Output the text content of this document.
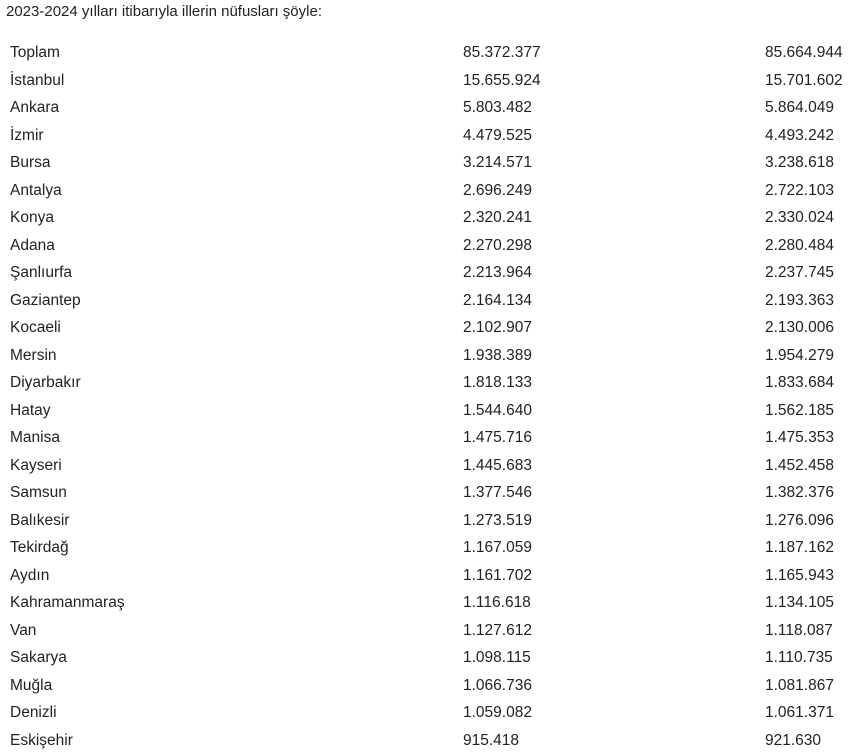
2023-2024 yılları itibarıyla illerin nüfusları şöyle:
Toplam	85.372.377	85.664.944
İstanbul	15.655.924	15.701.602
Ankara	5.803.482	5.864.049
İzmir	4.479.525	4.493.242
Bursa	3.214.571	3.238.618
Antalya	2.696.249	2.722.103
Konya	2.320.241	2.330.024
Adana	2.270.298	2.280.484
Şanlıurfa	2.213.964	2.237.745
Gaziantep	2.164.134	2.193.363
Kocaeli	2.102.907	2.130.006
Mersin	1.938.389	1.954.279
Diyarbakır	1.818.133	1.833.684
Hatay	1.544.640	1.562.185
Manisa	1.475.716	1.475.353
Kayseri	1.445.683	1.452.458
Samsun	1.377.546	1.382.376
Balıkesir	1.273.519	1.276.096
Tekirdağ	1.167.059	1.187.162
Aydın	1.161.702	1.165.943
Kahramanmaraş	1.116.618	1.134.105
Van	1.127.612	1.118.087
Sakarya	1.098.115	1.110.735
Muğla	1.066.736	1.081.867
Denizli	1.059.082	1.061.371
Eskişehir	915.418	921.630
